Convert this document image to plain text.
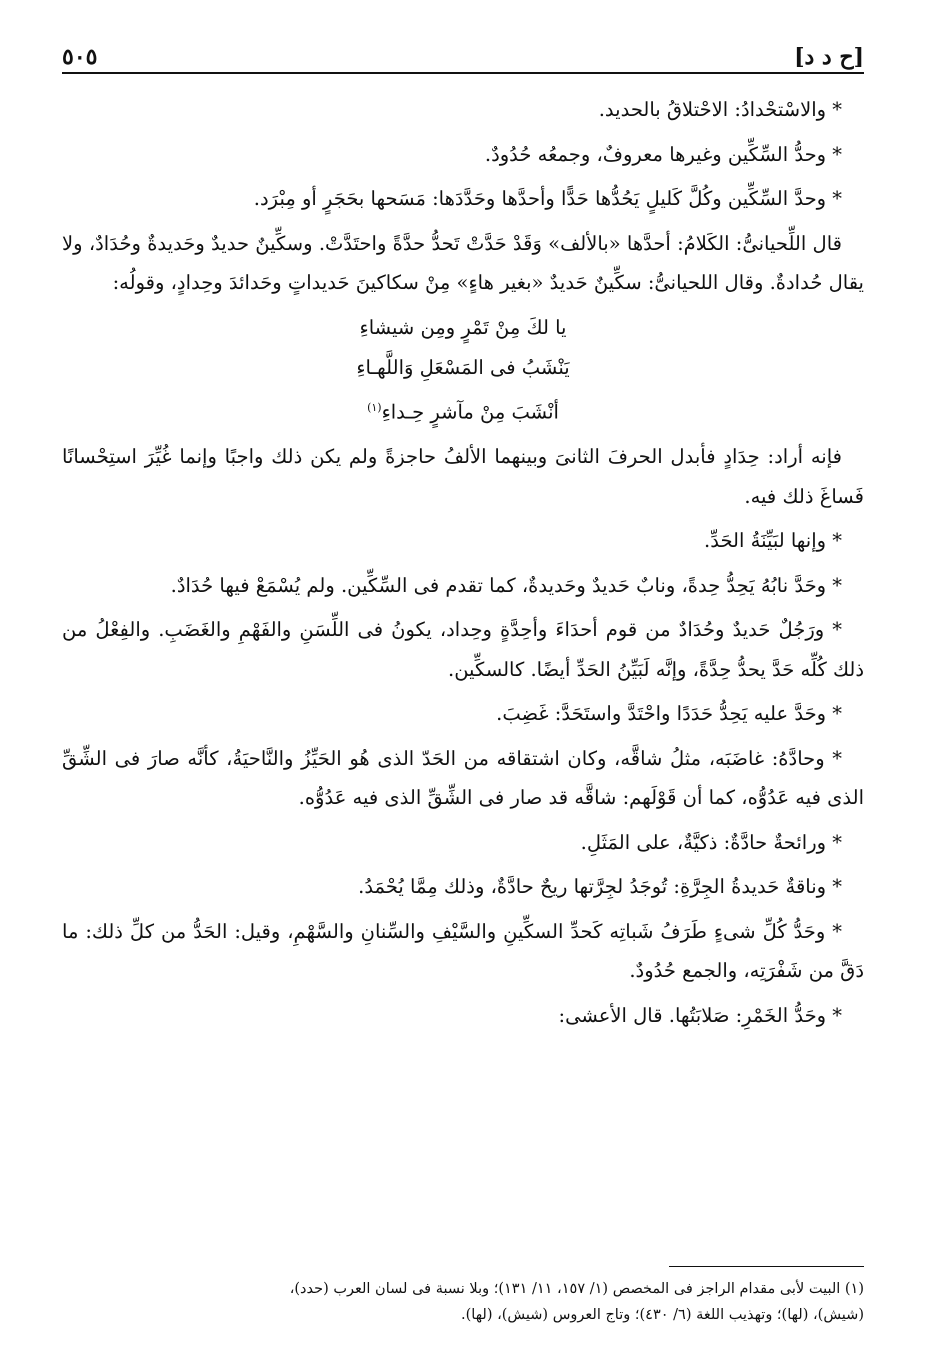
[ح د د]
٥٠٥

* والاسْتحْدادُ: الاحْتلاقُ بالحديد.

* وحدُّ السِّكِّين وغيرها معروفٌ، وجمعُه حُدُودٌ.

* وحدَّ السِّكِّين وكُلَّ كَليلٍ يَحُدُّها حَدًّا وأحدَّها وحَدَّدَها: مَسَحها بحَجَرٍ أو مِبْرَد.

قال اللِّحيانىُّ: الكَلامُ: أحدَّها «بالألف» وَقَدْ حَدَّتْ تَحدُّ حدَّةً واحتَدَّتْ. وسكِّينٌ حديدٌ وحَديدةٌ وحُدَادٌ، ولا يقال حُدادةٌ. وقال اللحيانىُّ: سكِّينٌ حَديدٌ «بغير هاءٍ» مِنْ سكاكينَ حَديداتٍ وحَدائدَ وحِدادٍ، وقولُه:

يا لكَ مِنْ تَمْرٍ ومِن شيشاءِ
يَنْشَبُ فى المَسْعَلِ وَاللَّهـاءِ
أنْشَبَ مِنْ مآشرٍ حِـداءِ$^{(١)}$

فإنه أراد: حِدَادٍ فأبدل الحرفَ الثانىَ وبينهما الألفُ حاجزةً ولم يكن ذلك واجبًا وإنما غُيِّرَ استِحْسانًا فَساغَ ذلك فيه.

* وإنها لبَيِّنَةُ الحَدِّ.

* وحَدَّ نابُهُ يَحِدُّ حِدةً، ونابٌ حَديدٌ وحَديدةٌ، كما تقدم فى السِّكِّين. ولم يُسْمَعْ فيها حُدَادٌ.

* ورَجُلٌ حَديدٌ وحُدَادٌ من قوم أحدَاءَ وأحِدَّةٍ وحِداد، يكونُ فى اللِّسَنِ والفَهْمِ والغَضَبِ. والفِعْلُ من ذلك كُلِّه حَدَّ يحدُّ حِدَّةً، وإنَّه لَبَيِّنُ الحَدِّ أيضًا. كالسكِّين.

* وحَدَّ عليه يَحِدُّ حَدَدًا واحْتَدَّ واستَحَدَّ: غَضِبَ.

* وحادَّهُ: غاضَبَه، مثلُ شاقَّه، وكان اشتقاقه من الحَدّ الذى هُو الحَيِّزُ والنَّاحيَةُ، كأنَّه صارَ فى الشِّقِّ الذى فيه عَدُوُّه، كما أن قَوْلَهم: شاقَّه قد صار فى الشِّقِّ الذى فيه عَدُوُّه.

* ورائحةٌ حادَّةٌ: ذكيَّةٌ، على المَثَلِ.

* وناقةٌ حَديدةُ الجِرَّةِ: تُوجَدُ لجِرَّتها ريحٌ حادَّةٌ، وذلك مِمَّا يُحْمَدُ.

* وحَدُّ كُلِّ شىءٍ طَرَفُ شَباتِه كَحدِّ السكِّينِ والسَّيْفِ والسِّنانِ والسَّهْمِ، وقيل: الحَدُّ من كلِّ ذلك: ما دَقَّ من شَفْرَتِه، والجمع حُدُودٌ.

* وحَدُّ الخَمْرِ: صَلابَتُها. قال الأعشى:

(١) البيت لأبى مقدام الراجز فى المخصص (١/ ١٥٧، ١١/ ١٣١)؛ وبلا نسبة فى لسان العرب (حدد)،
(شيش)، (لها)؛ وتهذيب اللغة (٦/ ٤٣٠)؛ وتاج العروس (شيش)، (لها).
